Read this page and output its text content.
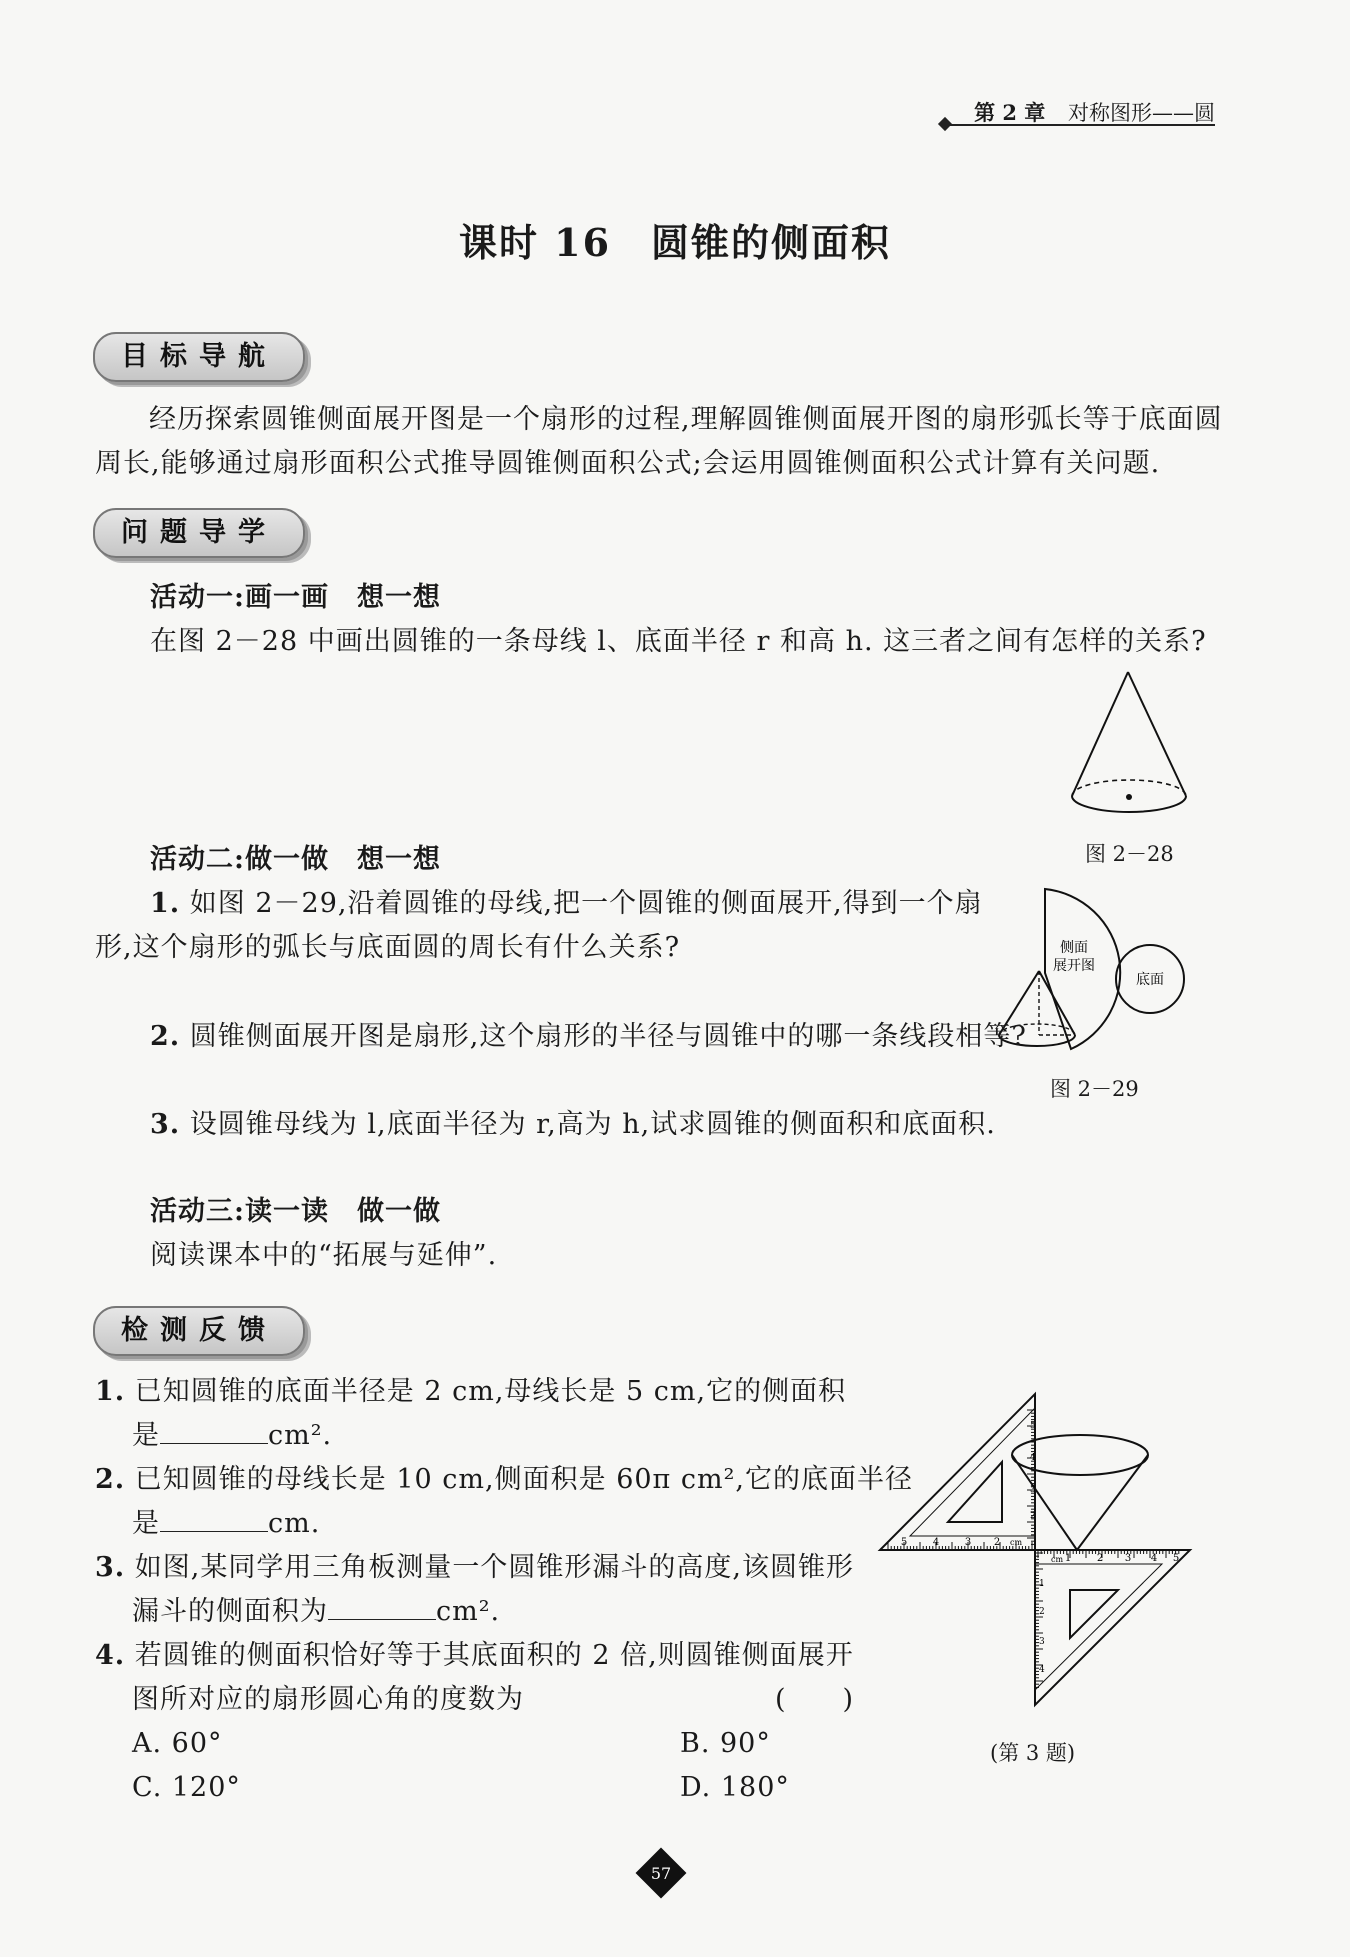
第 2 章 对称图形——圆
课时 16　圆锥的侧面积
目标导航
经历探索圆锥侧面展开图是一个扇形的过程,理解圆锥侧面展开图的扇形弧长等于底面圆周长,能够通过扇形面积公式推导圆锥侧面积公式;会运用圆锥侧面积公式计算有关问题.
问题导学
活动一:画一画　想一想
在图 2－28 中画出圆锥的一条母线 l、底面半径 r 和高 h. 这三者之间有怎样的关系?
图 2－28
活动二:做一做　想一想
1. 如图 2－29,沿着圆锥的母线,把一个圆锥的侧面展开,得到一个扇形,这个扇形的弧长与底面圆的周长有什么关系?	侧面
展开图
底面
图 2－29
2. 圆锥侧面展开图是扇形,这个扇形的半径与圆锥中的哪一条线段相等?
3. 设圆锥母线为 l,底面半径为 r,高为 h,试求圆锥的侧面积和底面积.
活动三:读一读　做一做
阅读课本中的“拓展与延伸”.
检测反馈
1. 已知圆锥的底面半径是 2 cm,母线长是 5 cm,它的侧面积
是	cm².
2. 已知圆锥的母线长是 10 cm,侧面积是 60π cm²,它的底面半径
是	cm.
3. 如图,某同学用三角板测量一个圆锥形漏斗的高度,该圆锥形
漏斗的侧面积为	cm².
4. 若圆锥的侧面积恰好等于其底面积的 2 倍,则圆锥侧面展开
图所对应的扇形圆心角的度数为	(　　)
A. 60°	B. 90°
C. 120°	D. 180°
5	4	3 2 cm
5
4
3
2
1	2 3 4 5
cm
1
2
3
4
(第 3 题)
57
